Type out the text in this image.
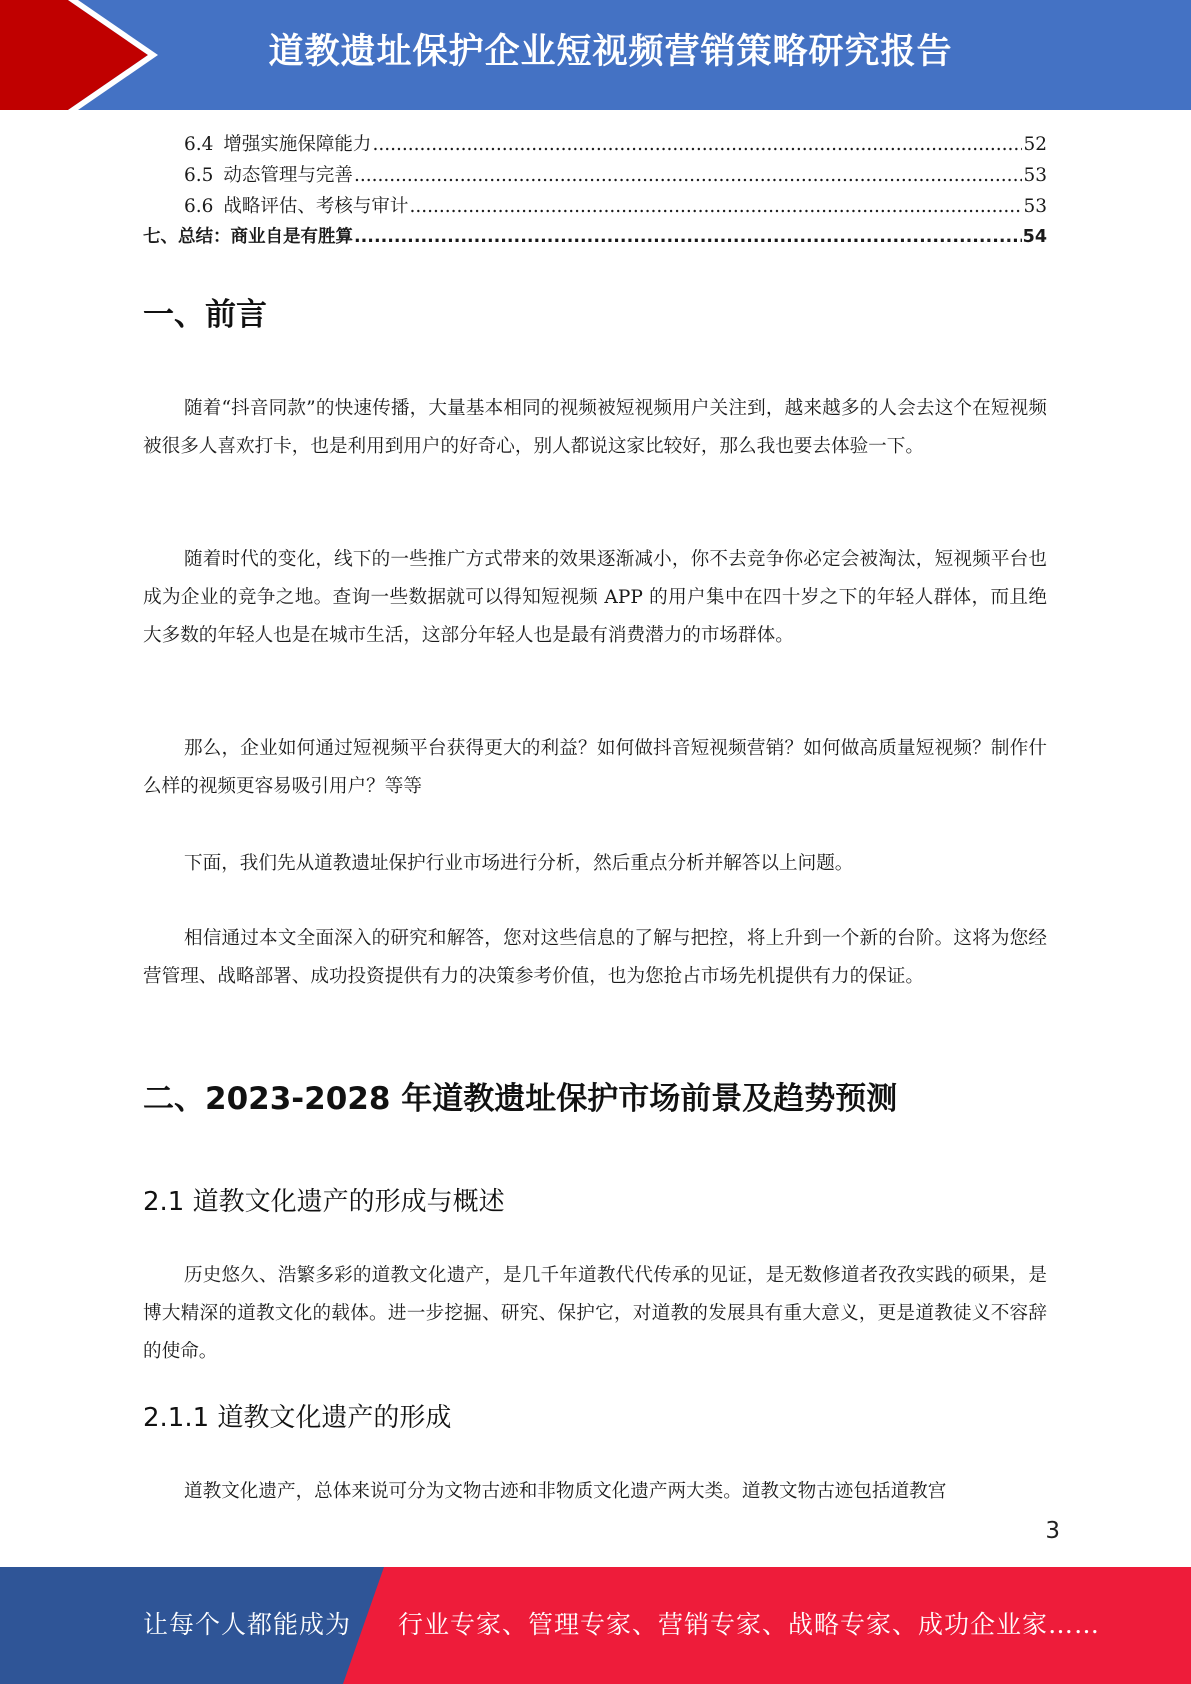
道教遗址保护企业短视频营销策略研究报告
6.4 增强实施保障能力 .....	52
6.5 动态管理与完善 .....	53
6.6 战略评估、考核与审计 .....	53
七、 总结：商业自是有胜算 .....	54
一、前言
随着“抖音同款”的快速传播，大量基本相同的视频被短视频用户关注到，越来越多的人会去这个在短视频被很多人喜欢打卡，也是利用到用户的好奇心，别人都说这家比较好，那么我也要去体验一下。
随着时代的变化，线下的一些推广方式带来的效果逐渐减小，你不去竞争你必定会被淘汰，短视频平台也成为企业的竞争之地。查询一些数据就可以得知短视频 APP 的用户集中在四十岁之下的年轻人群体，而且绝大多数的年轻人也是在城市生活，这部分年轻人也是最有消费潜力的市场群体。
那么，企业如何通过短视频平台获得更大的利益？如何做抖音短视频营销？如何做高质量短视频？制作什么样的视频更容易吸引用户？等等
下面，我们先从道教遗址保护行业市场进行分析，然后重点分析并解答以上问题。
相信通过本文全面深入的研究和解答，您对这些信息的了解与把控，将上升到一个新的台阶。这将为您经营管理、战略部署、成功投资提供有力的决策参考价值，也为您抢占市场先机提供有力的保证。
二、2023-2028 年道教遗址保护市场前景及趋势预测
2.1 道教文化遗产的形成与概述
历史悠久、浩繁多彩的道教文化遗产，是几千年道教代代传承的见证，是无数修道者孜孜实践的硕果，是博大精深的道教文化的载体。进一步挖掘、研究、保护它，对道教的发展具有重大意义，更是道教徒义不容辞的使命。
2.1.1 道教文化遗产的形成
道教文化遗产，总体来说可分为文物古迹和非物质文化遗产两大类。道教文物古迹包括道教宫
3
让每个人都能成为 行业专家、管理专家、营销专家、战略专家、成功企业家……
